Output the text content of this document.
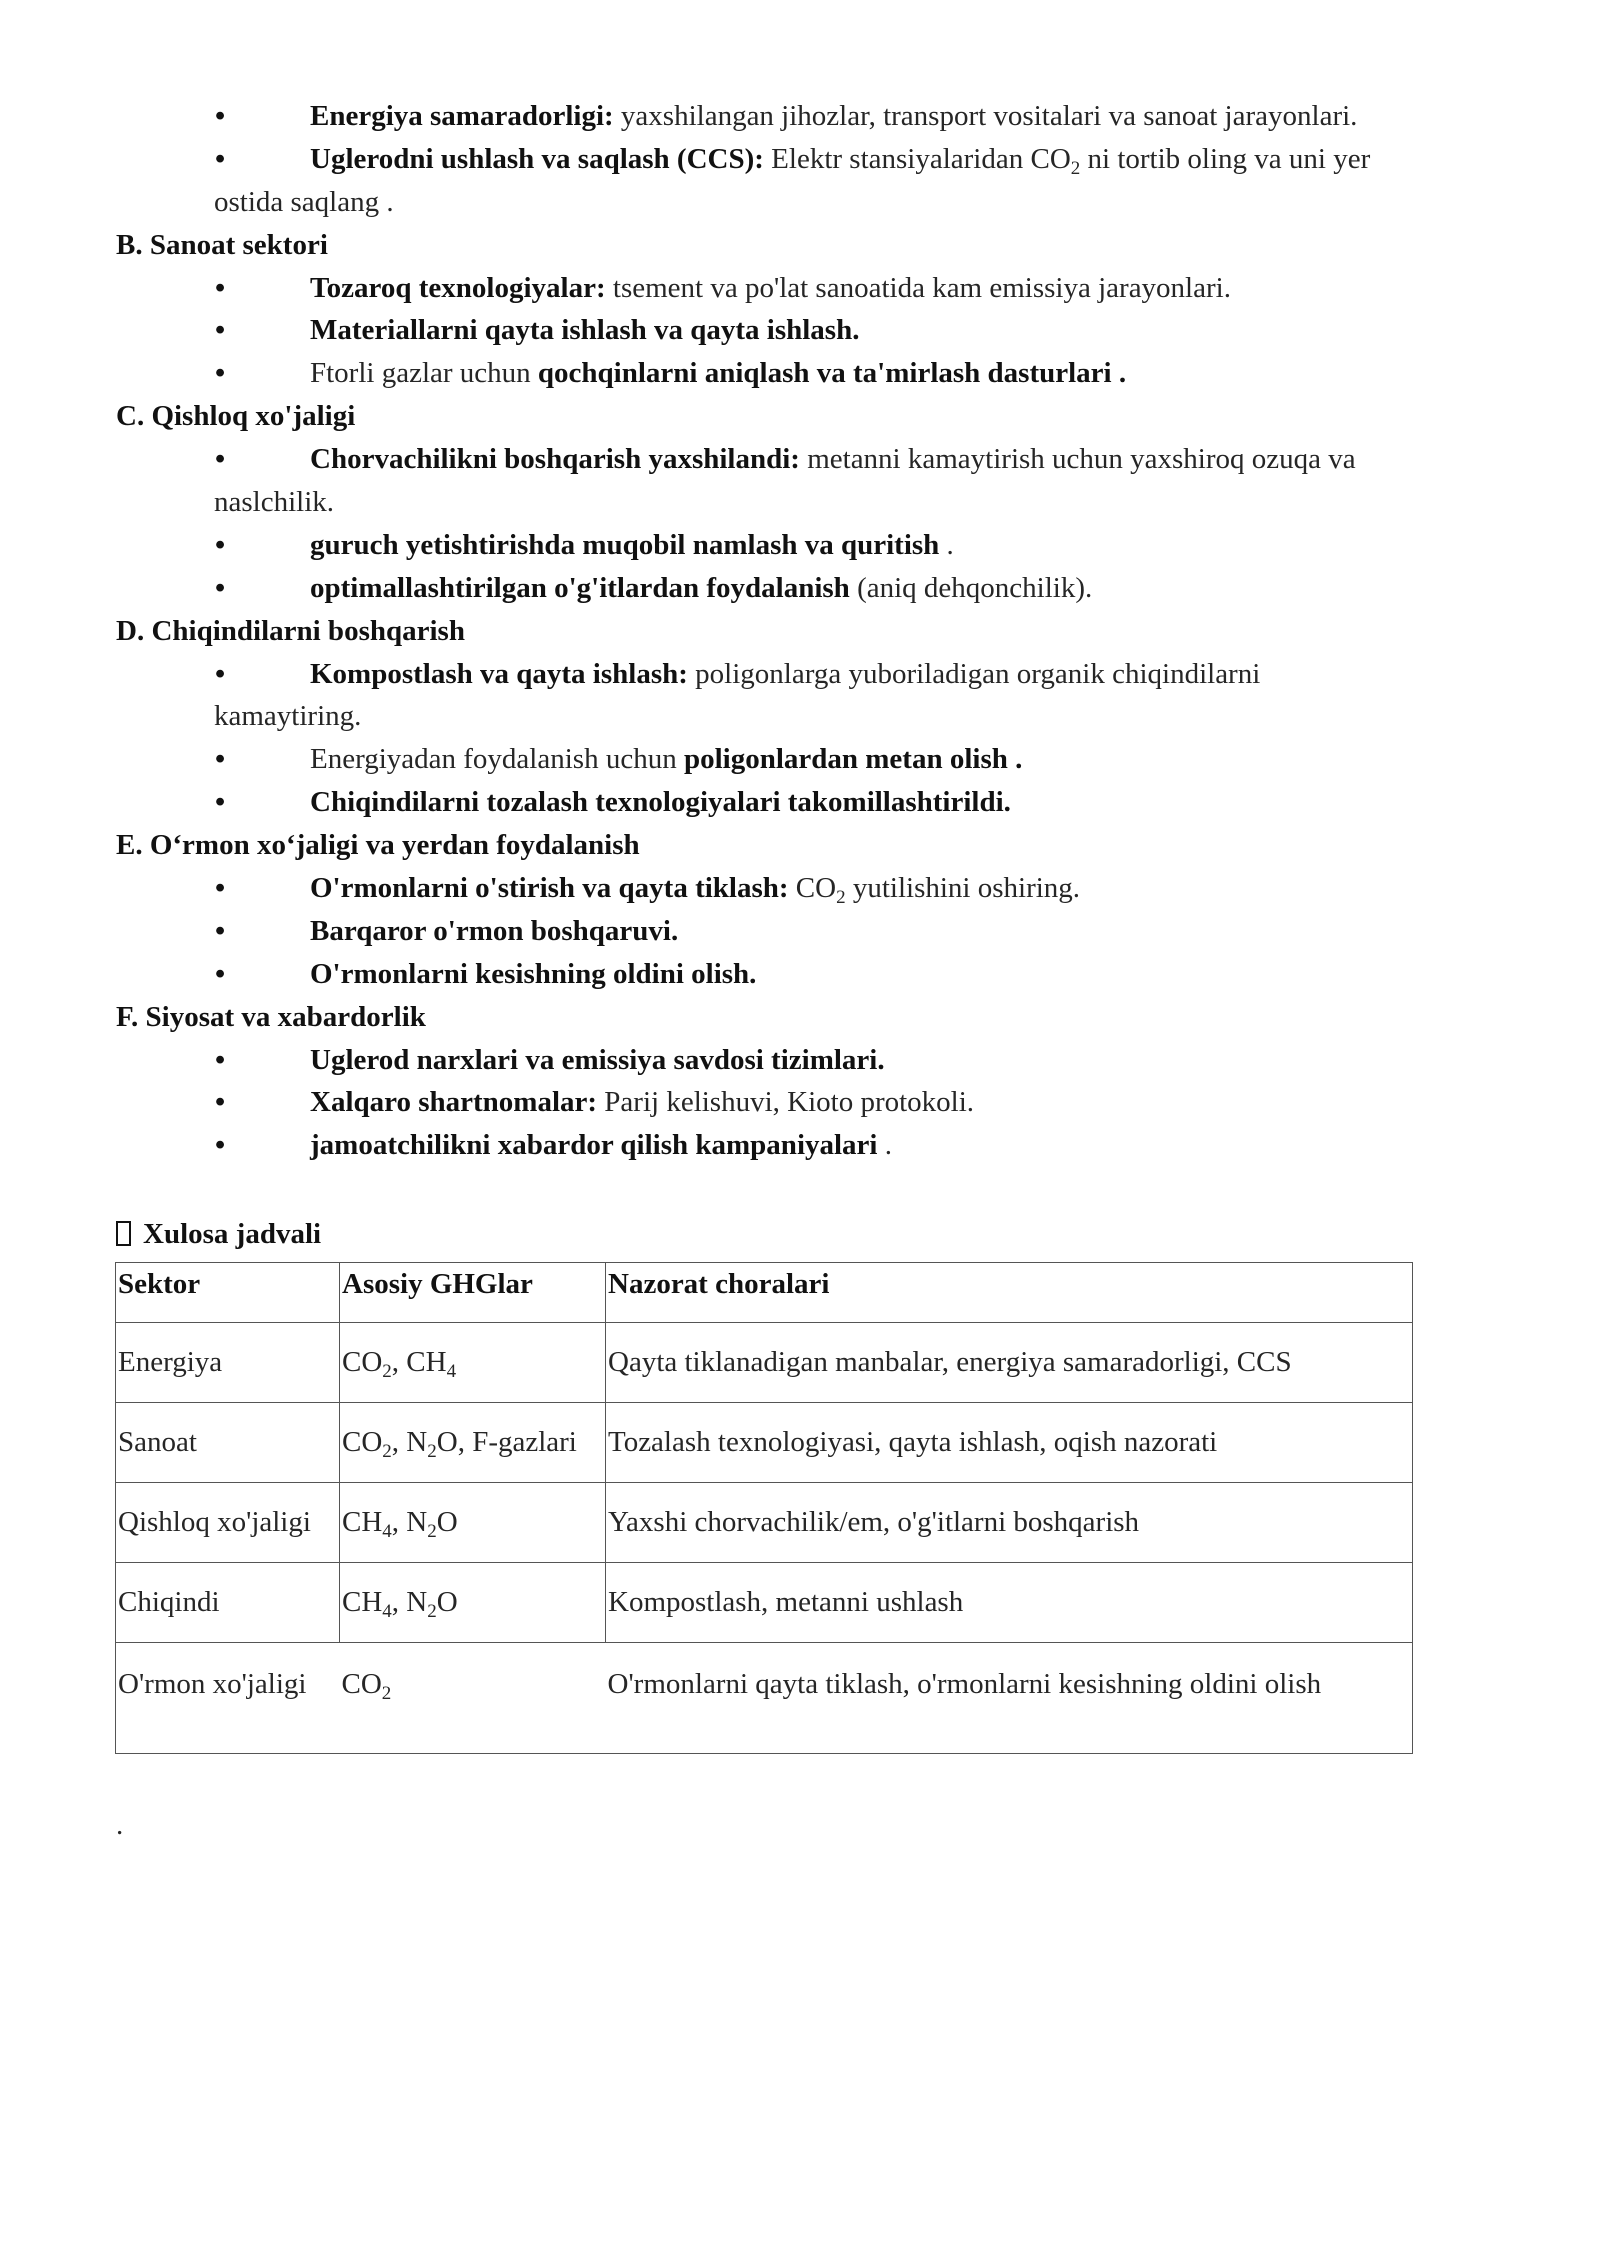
•	Energiya samaradorligi: yaxshilangan jihozlar, transport vositalari va sanoat jarayonlari.
•	Uglerodni ushlash va saqlash (CCS): Elektr stansiyalaridan $CO_2$ ni tortib oling va uni yer
ostida saqlang .
B. Sanoat sektori
•	Tozaroq texnologiyalar: tsement va po'lat sanoatida kam emissiya jarayonlari.
•	Materiallarni qayta ishlash va qayta ishlash.
•	Ftorli gazlar uchun qochqinlarni aniqlash va ta'mirlash dasturlari .
C. Qishloq xo'jaligi
•	Chorvachilikni boshqarish yaxshilandi: metanni kamaytirish uchun yaxshiroq ozuqa va
naslchilik.
•	guruch yetishtirishda muqobil namlash va quritish .
•	optimallashtirilgan o'g'itlardan foydalanish (aniq dehqonchilik).
D. Chiqindilarni boshqarish
•	Kompostlash va qayta ishlash: poligonlarga yuboriladigan organik chiqindilarni
kamaytiring.
•	Energiyadan foydalanish uchun poligonlardan metan olish .
•	Chiqindilarni tozalash texnologiyalari takomillashtirildi.
E. O‘rmon xo‘jaligi va yerdan foydalanish
•	O'rmonlarni o'stirish va qayta tiklash: $CO_2$ yutilishini oshiring.
•	Barqaror o'rmon boshqaruvi.
•	O'rmonlarni kesishning oldini olish.
F. Siyosat va xabardorlik
•	Uglerod narxlari va emissiya savdosi tizimlari.
•	Xalqaro shartnomalar: Parij kelishuvi, Kioto protokoli.
•	jamoatchilikni xabardor qilish kampaniyalari .
Xulosa jadvali
Sektor	Asosiy GHGlar	Nazorat choralari
Energiya	$CO_2$, $CH_4$	Qayta tiklanadigan manbalar, energiya samaradorligi, CCS
Sanoat	$CO_2$, $N_2O$, F-gazlari	Tozalash texnologiyasi, qayta ishlash, oqish nazorati
Qishloq xo'jaligi	$CH_4$, $N_2O$	Yaxshi chorvachilik/em, o'g'itlarni boshqarish
Chiqindi	$CH_4$, $N_2O$	Kompostlash, metanni ushlash
O'rmon xo'jaligi	$CO_2$	O'rmonlarni qayta tiklash, o'rmonlarni kesishning oldini olish
.
